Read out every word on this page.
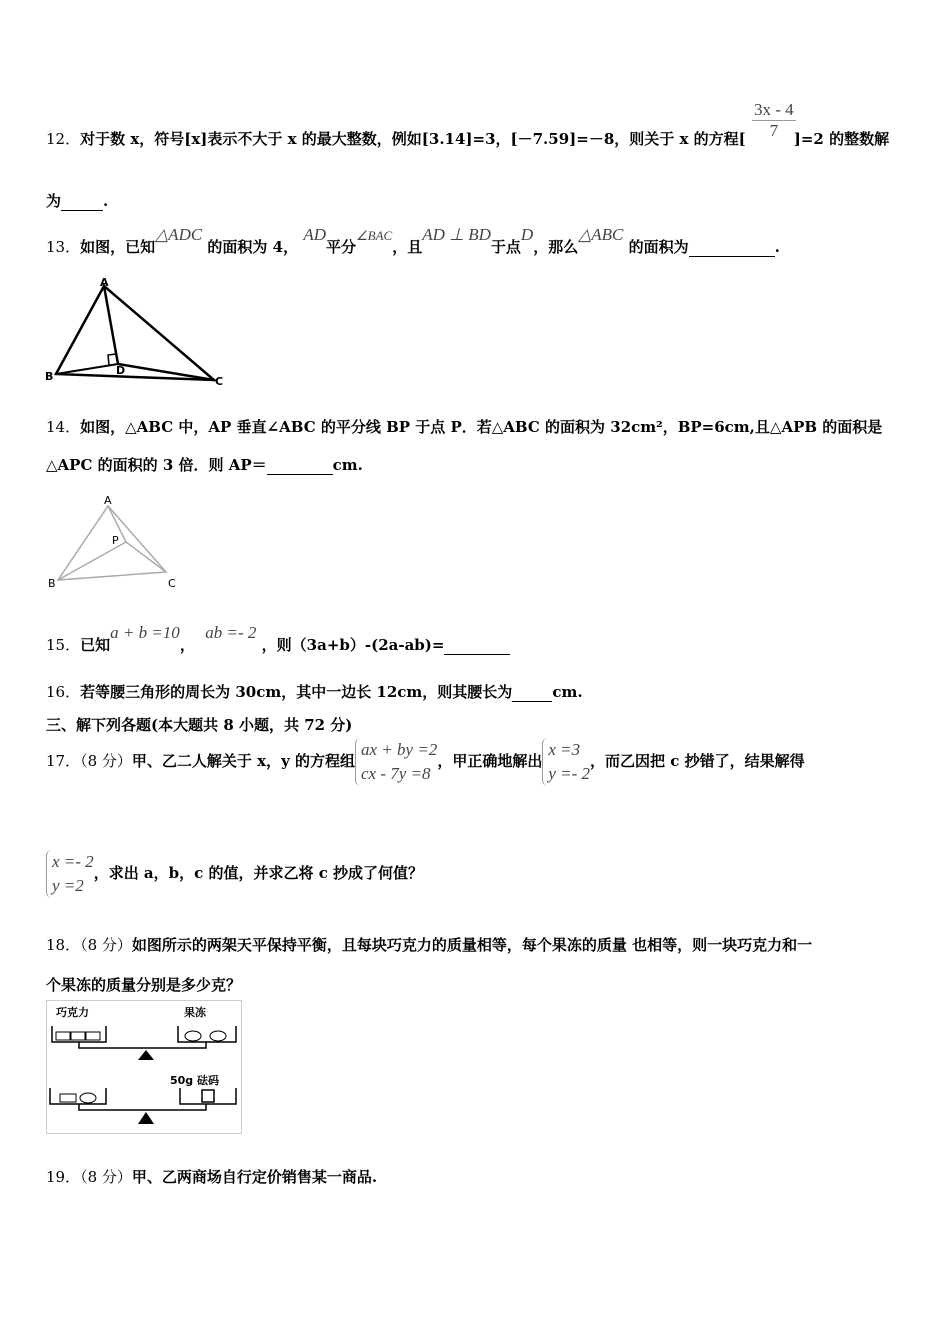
$\frac{3x - 4}{7}$
12．对于数 x，符号[x]表示不大于 x 的最大整数，例如[3.14]=3，[－7.59]=－8，则关于 x 的方程[	]=2 的整数解
为	.
13．如图，已知△ADC 的面积为 4， AD平分∠BAC，且AD ⊥ BD于点D，那么△ABC 的面积为	.
A
B	C
D
14．如图，△ABC 中，AP 垂直∠ABC 的平分线 BP 于点 P．若△ABC 的面积为 32cm²，BP=6cm,且△APB 的面积是
△APC 的面积的 3 倍．则 AP＝	cm.
A
B	C
P
15．已知a + b =10，  ab =- 2 ，则（3a+b）-(2a-ab)=
16．若等腰三角形的周长为 30cm，其中一边长 12cm，则其腰长为	cm.
三、解下列各题(本大题共 8 小题，共 72 分)
17．（8 分）甲、乙二人解关于 x，y 的方程组ax + by =2
cx - 7y =8，甲正确地解出x =3
y =- 2，而乙因把 c 抄错了，结果解得
x =- 2
y =2，求出 a，b，c 的值，并求乙将 c 抄成了何值？
18．（8 分）如图所示的两架天平保持平衡，且每块巧克力的质量相等，每个果冻的质量 也相等，则一块巧克力和一
个果冻的质量分别是多少克？
巧克力	果冻
50g 砝码
19．（8 分）甲、乙两商场自行定价销售某一商品.
